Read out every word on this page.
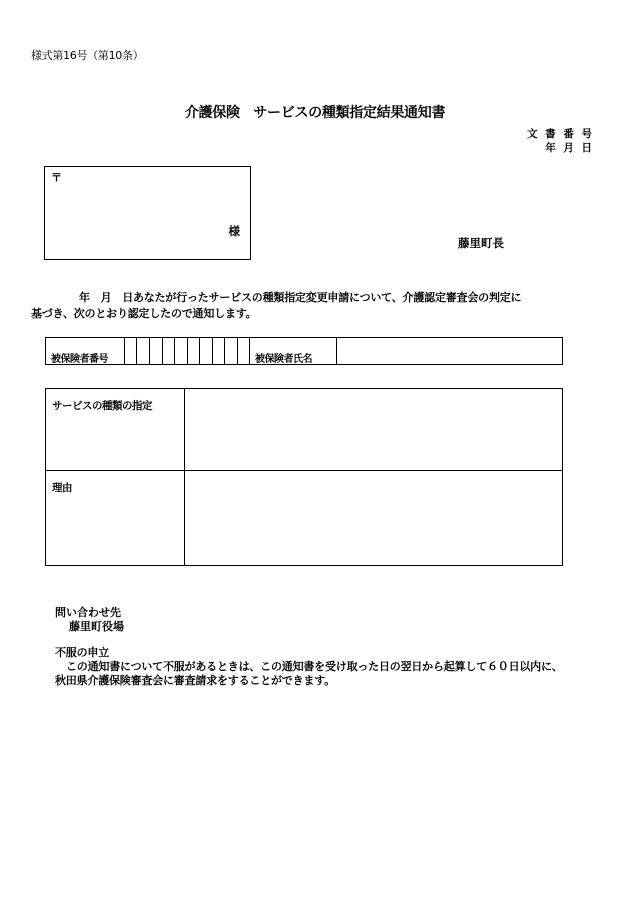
様式第16号（第10条）
介護保険　サービスの種類指定結果通知書
文 書 番 号
年 月 日
〒
様
藤里町長
年　月　日あなたが行ったサービスの種類指定変更申請について、介護認定審査会の判定に
基づき、次のとおり認定したので通知します。
被保険者番号	被保険者氏名
サービスの種類の指定
理由
問い合わせ先
藤里町役場
不服の申立
この通知書について不服があるときは、この通知書を受け取った日の翌日から起算して６０日以内に、
秋田県介護保険審査会に審査請求をすることができます。
